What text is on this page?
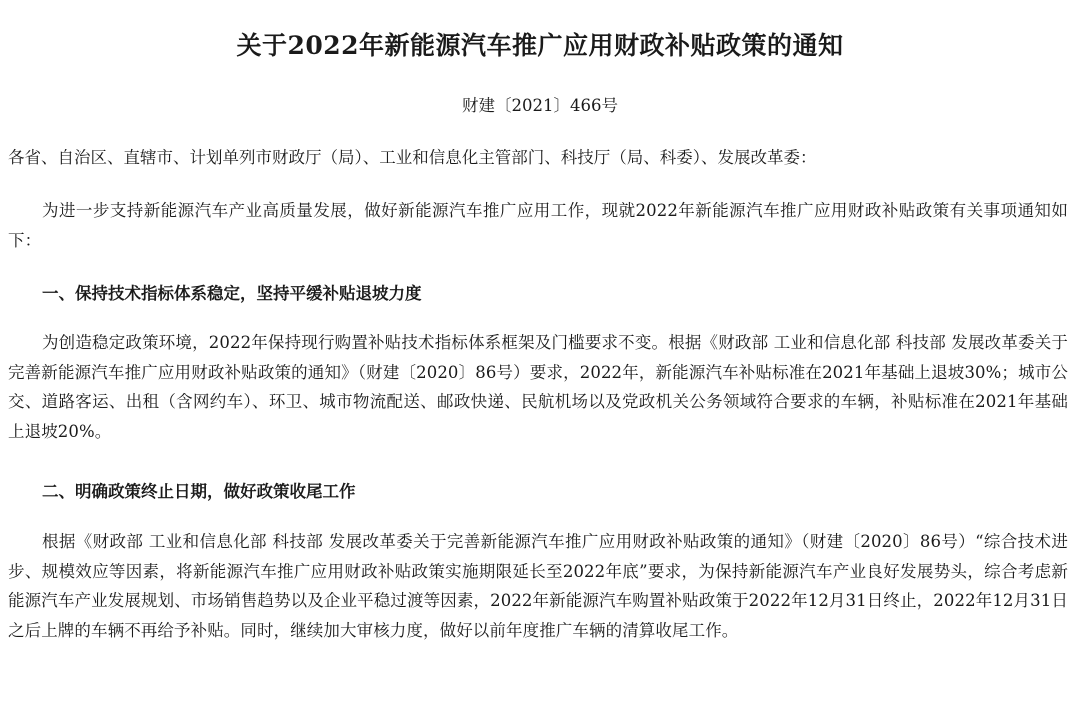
关于2022年新能源汽车推广应用财政补贴政策的通知
财建〔2021〕466号
各省、自治区、直辖市、计划单列市财政厅（局）、工业和信息化主管部门、科技厅（局、科委）、发展改革委：
为进一步支持新能源汽车产业高质量发展，做好新能源汽车推广应用工作，现就2022年新能源汽车推广应用财政补贴政策有关事项通知如下：
一、保持技术指标体系稳定，坚持平缓补贴退坡力度
为创造稳定政策环境，2022年保持现行购置补贴技术指标体系框架及门槛要求不变。根据《财政部 工业和信息化部 科技部 发展改革委关于完善新能源汽车推广应用财政补贴政策的通知》（财建〔2020〕86号）要求，2022年，新能源汽车补贴标准在2021年基础上退坡30%；城市公交、道路客运、出租（含网约车）、环卫、城市物流配送、邮政快递、民航机场以及党政机关公务领域符合要求的车辆，补贴标准在2021年基础上退坡20%。
二、明确政策终止日期，做好政策收尾工作
根据《财政部 工业和信息化部 科技部 发展改革委关于完善新能源汽车推广应用财政补贴政策的通知》（财建〔2020〕86号）“综合技术进步、规模效应等因素，将新能源汽车推广应用财政补贴政策实施期限延长至2022年底”要求，为保持新能源汽车产业良好发展势头，综合考虑新能源汽车产业发展规划、市场销售趋势以及企业平稳过渡等因素，2022年新能源汽车购置补贴政策于2022年12月31日终止，2022年12月31日之后上牌的车辆不再给予补贴。同时，继续加大审核力度，做好以前年度推广车辆的清算收尾工作。
